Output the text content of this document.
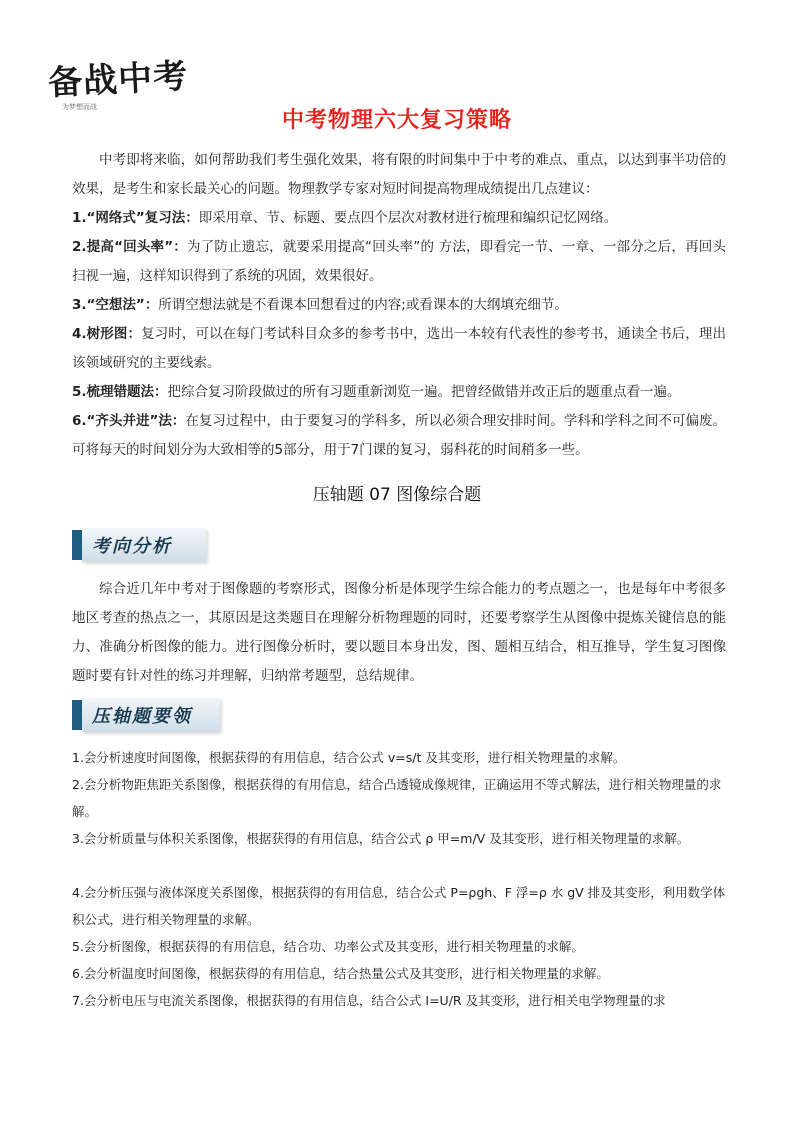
备战中考
为梦想而战
中考物理六大复习策略

中考即将来临，如何帮助我们考生强化效果，将有限的时间集中于中考的难点、重点，以达到事半功倍的效果，是考生和家长最关心的问题。物理教学专家对短时间提高物理成绩提出几点建议：

1.“网络式”复习法：即采用章、节、标题、要点四个层次对教材进行梳理和编织记忆网络。

2.提高“回头率”：为了防止遗忘，就要采用提高“回头率”的 方法，即看完一节、一章、一部分之后，再回头扫视一遍，这样知识得到了系统的巩固，效果很好。

3.“空想法”：所谓空想法就是不看课本回想看过的内容;或看课本的大纲填充细节。

4.树形图：复习时，可以在每门考试科目众多的参考书中，选出一本较有代表性的参考书，通读全书后，理出该领域研究的主要线索。

5.梳理错题法：把综合复习阶段做过的所有习题重新浏览一遍。把曾经做错并改正后的题重点看一遍。

6.“齐头并进”法：在复习过程中，由于要复习的学科多，所以必须合理安排时间。学科和学科之间不可偏废。可将每天的时间划分为大致相等的5部分，用于7门课的复习，弱科花的时间稍多一些。

压轴题 07 图像综合题
考向分析

综合近几年中考对于图像题的考察形式，图像分析是体现学生综合能力的考点题之一，也是每年中考很多地区考查的热点之一，其原因是这类题目在理解分析物理题的同时，还要考察学生从图像中提炼关键信息的能力、准确分析图像的能力。进行图像分析时，要以题目本身出发，图、题相互结合，相互推导，学生复习图像题时要有针对性的练习并理解，归纳常考题型，总结规律。

压轴题要领

1.会分析速度时间图像，根据获得的有用信息，结合公式 v=s/t 及其变形，进行相关物理量的求解。

2.会分析物距焦距关系图像，根据获得的有用信息，结合凸透镜成像规律，正确运用不等式解法，进行相关物理量的求解。

3.会分析质量与体积关系图像，根据获得的有用信息，结合公式 ρ 甲=m/V 及其变形，进行相关物理量的求解。

4.会分析压强与液体深度关系图像，根据获得的有用信息，结合公式 P=ρgh、F 浮=ρ 水 gV 排及其变形，利用数学体积公式，进行相关物理量的求解。

5.会分析图像，根据获得的有用信息，结合功、功率公式及其变形，进行相关物理量的求解。

6.会分析温度时间图像，根据获得的有用信息，结合热量公式及其变形，进行相关物理量的求解。

7.会分析电压与电流关系图像，根据获得的有用信息，结合公式 I=U/R 及其变形，进行相关电学物理量的求
